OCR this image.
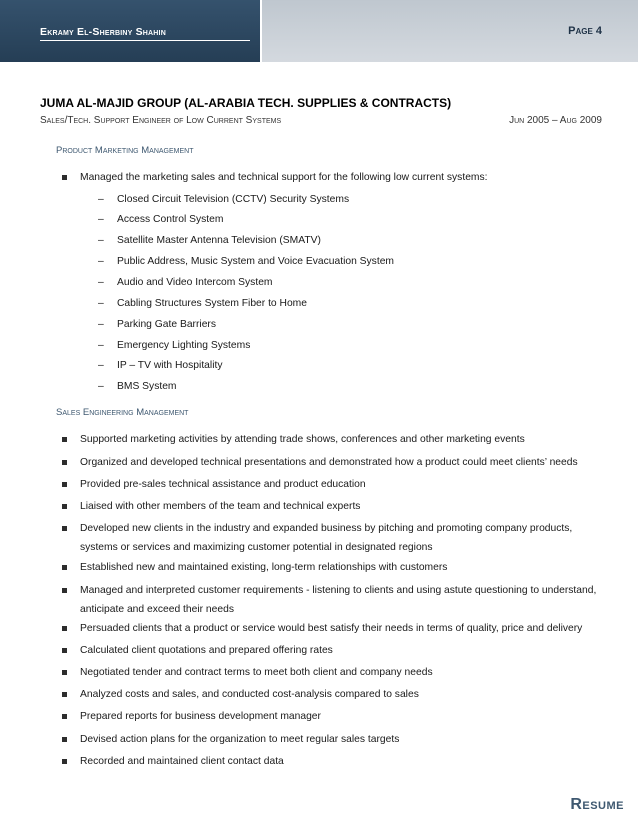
Ekramy El-Sherbiny Shahin	Page 4
JUMA AL-MAJID GROUP (AL-ARABIA TECH. SUPPLIES & CONTRACTS)
Sales/Tech. Support Engineer of Low Current Systems	Jun 2005 – Aug 2009
Product Marketing Management
Managed the marketing sales and technical support for the following low current systems:
– Closed Circuit Television (CCTV) Security Systems
– Access Control System
– Satellite Master Antenna Television (SMATV)
– Public Address, Music System and Voice Evacuation System
– Audio and Video Intercom System
– Cabling Structures System Fiber to Home
– Parking Gate Barriers
– Emergency Lighting Systems
– IP – TV with Hospitality
– BMS System
Sales Engineering Management
Supported marketing activities by attending trade shows, conferences and other marketing events
Organized and developed technical presentations and demonstrated how a product could meet clients’ needs
Provided pre-sales technical assistance and product education
Liaised with other members of the team and technical experts
Developed new clients in the industry and expanded business by pitching and promoting company products, systems or services and maximizing customer potential in designated regions
Established new and maintained existing, long-term relationships with customers
Managed and interpreted customer requirements - listening to clients and using astute questioning to understand, anticipate and exceed their needs
Persuaded clients that a product or service would best satisfy their needs in terms of quality, price and delivery
Calculated client quotations and prepared offering rates
Negotiated tender and contract terms to meet both client and company needs
Analyzed costs and sales, and conducted cost-analysis compared to sales
Prepared reports for business development manager
Devised action plans for the organization to meet regular sales targets
Recorded and maintained client contact data
Resume
